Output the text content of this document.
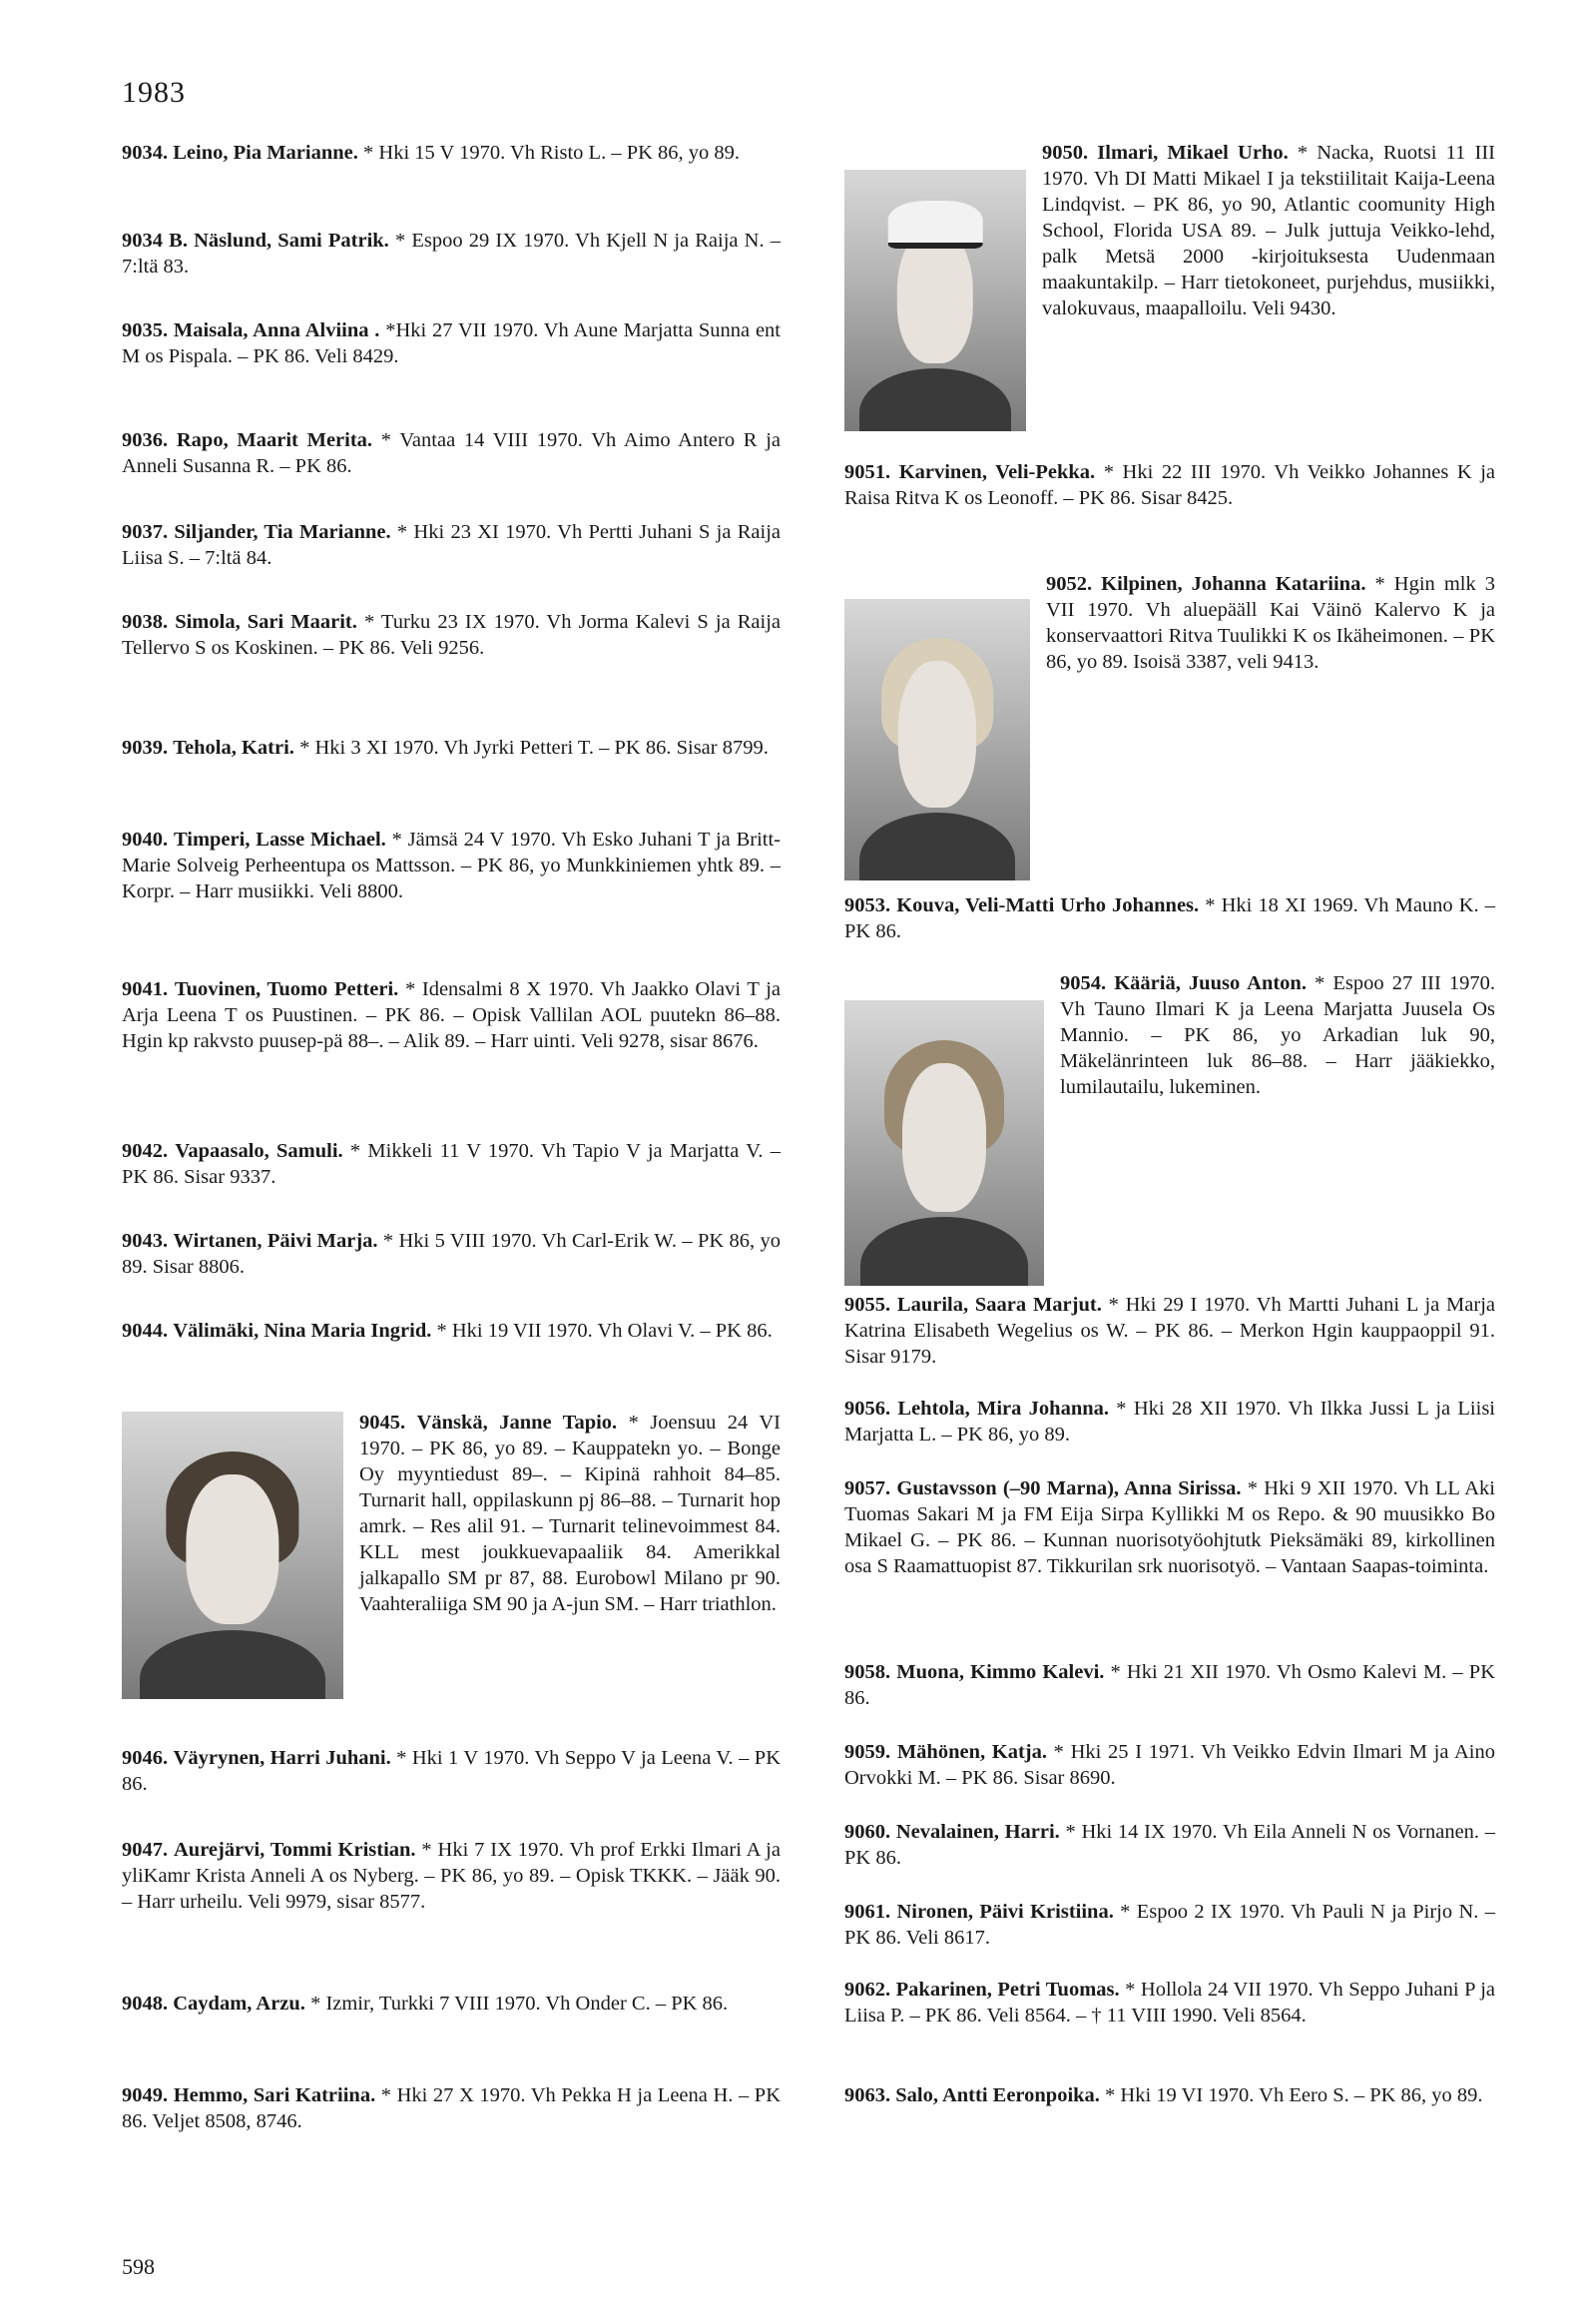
1983
9034. Leino, Pia Marianne. * Hki 15 V 1970. Vh Risto L. – PK 86, yo 89.
9034 B. Näslund, Sami Patrik. * Espoo 29 IX 1970. Vh Kjell N ja Raija N. – 7:ltä 83.
9035. Maisala, Anna Alviina . *Hki 27 VII 1970. Vh Aune Marjatta Sunna ent M os Pispala. – PK 86. Veli 8429.
9036. Rapo, Maarit Merita. * Vantaa 14 VIII 1970. Vh Aimo Antero R ja Anneli Susanna R. – PK 86.
9037. Siljander, Tia Marianne. * Hki 23 XI 1970. Vh Pertti Juhani S ja Raija Liisa S. – 7:ltä 84.
9038. Simola, Sari Maarit. * Turku 23 IX 1970. Vh Jorma Kalevi S ja Raija Tellervo S os Koskinen. – PK 86. Veli 9256.
9039. Tehola, Katri. * Hki 3 XI 1970. Vh Jyrki Petteri T. – PK 86. Sisar 8799.
9040. Timperi, Lasse Michael. * Jämsä 24 V 1970. Vh Esko Juhani T ja Britt-Marie Solveig Perheentupa os Mattsson. – PK 86, yo Munkkiniemen yhtk 89. – Korpr. – Harr musiikki. Veli 8800.
9041. Tuovinen, Tuomo Petteri. * Idensalmi 8 X 1970. Vh Jaakko Olavi T ja Arja Leena T os Puustinen. – PK 86. – Opisk Vallilan AOL puutekn 86–88. Hgin kp rakvsto puusep-pä 88–. – Alik 89. – Harr uinti. Veli 9278, sisar 8676.
9042. Vapaasalo, Samuli. * Mikkeli 11 V 1970. Vh Tapio V ja Marjatta V. – PK 86. Sisar 9337.
9043. Wirtanen, Päivi Marja. * Hki 5 VIII 1970. Vh Carl-Erik W. – PK 86, yo 89. Sisar 8806.
9044. Välimäki, Nina Maria Ingrid. * Hki 19 VII 1970. Vh Olavi V. – PK 86.
9045. Vänskä, Janne Tapio. * Joensuu 24 VI 1970. – PK 86, yo 89. – Kauppatekn yo. – Bonge Oy myyntiedust 89–. – Kipinä rahhoit 84–85. Turnarit hall, oppilaskunn pj 86–88. – Turnarit hop amrk. – Res alil 91. – Turnarit telinevoimmest 84. KLL mest joukkuevapaaliik 84. Amerikkal jalkapallo SM pr 87, 88. Eurobowl Milano pr 90. Vaahteraliiga SM 90 ja A-jun SM. – Harr triathlon.
9046. Väyrynen, Harri Juhani. * Hki 1 V 1970. Vh Seppo V ja Leena V. – PK 86.
9047. Aurejärvi, Tommi Kristian. * Hki 7 IX 1970. Vh prof Erkki Ilmari A ja yliKamr Krista Anneli A os Nyberg. – PK 86, yo 89. – Opisk TKKK. – Jääk 90. – Harr urheilu. Veli 9979, sisar 8577.
9048. Caydam, Arzu. * Izmir, Turkki 7 VIII 1970. Vh Onder C. – PK 86.
9049. Hemmo, Sari Katriina. * Hki 27 X 1970. Vh Pekka H ja Leena H. – PK 86. Veljet 8508, 8746.
9050. Ilmari, Mikael Urho. * Nacka, Ruotsi 11 III 1970. Vh DI Matti Mikael I ja tekstiilitait Kaija-Leena Lindqvist. – PK 86, yo 90, Atlantic coomunity High School, Florida USA 89. – Julk juttuja Veikko-lehd, palk Metsä 2000 -kirjoituksesta Uudenmaan maakuntakilp. – Harr tietokoneet, purjehdus, musiikki, valokuvaus, maapalloilu. Veli 9430.
9051. Karvinen, Veli-Pekka. * Hki 22 III 1970. Vh Veikko Johannes K ja Raisa Ritva K os Leonoff. – PK 86. Sisar 8425.
9052. Kilpinen, Johanna Katariina. * Hgin mlk 3 VII 1970. Vh aluepääll Kai Väinö Kalervo K ja konservaattori Ritva Tuulikki K os Ikäheimonen. – PK 86, yo 89. Isoisä 3387, veli 9413.
9053. Kouva, Veli-Matti Urho Johannes. * Hki 18 XI 1969. Vh Mauno K. – PK 86.
9054. Kääriä, Juuso Anton. * Espoo 27 III 1970. Vh Tauno Ilmari K ja Leena Marjatta Juusela Os Mannio. – PK 86, yo Arkadian luk 90, Mäkelänrinteen luk 86–88. – Harr jääkiekko, lumilautailu, lukeminen.
9055. Laurila, Saara Marjut. * Hki 29 I 1970. Vh Martti Juhani L ja Marja Katrina Elisabeth Wegelius os W. – PK 86. – Merkon Hgin kauppaoppil 91. Sisar 9179.
9056. Lehtola, Mira Johanna. * Hki 28 XII 1970. Vh Ilkka Jussi L ja Liisi Marjatta L. – PK 86, yo 89.
9057. Gustavsson (–90 Marna), Anna Sirissa. * Hki 9 XII 1970. Vh LL Aki Tuomas Sakari M ja FM Eija Sirpa Kyllikki M os Repo. & 90 muusikko Bo Mikael G. – PK 86. – Kunnan nuorisotyöohjtutk Pieksämäki 89, kirkollinen osa S Raamattuopist 87. Tikkurilan srk nuorisotyö. – Vantaan Saapas-toiminta.
9058. Muona, Kimmo Kalevi. * Hki 21 XII 1970. Vh Osmo Kalevi M. – PK 86.
9059. Mähönen, Katja. * Hki 25 I 1971. Vh Veikko Edvin Ilmari M ja Aino Orvokki M. – PK 86. Sisar 8690.
9060. Nevalainen, Harri. * Hki 14 IX 1970. Vh Eila Anneli N os Vornanen. – PK 86.
9061. Nironen, Päivi Kristiina. * Espoo 2 IX 1970. Vh Pauli N ja Pirjo N. – PK 86. Veli 8617.
9062. Pakarinen, Petri Tuomas. * Hollola 24 VII 1970. Vh Seppo Juhani P ja Liisa P. – PK 86. Veli 8564. – † 11 VIII 1990. Veli 8564.
9063. Salo, Antti Eeronpoika. * Hki 19 VI 1970. Vh Eero S. – PK 86, yo 89.
598
